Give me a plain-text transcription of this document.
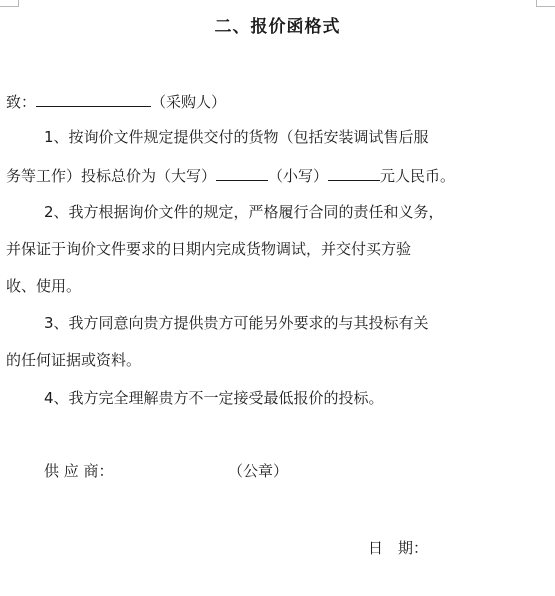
二、报价函格式
致：	（采购人）
1、按询价文件规定提供交付的货物（包括安装调试售后服
务等工作）投标总价为（大写）	（小写）	元人民币。
2、我方根据询价文件的规定，严格履行合同的责任和义务，
并保证于询价文件要求的日期内完成货物调试，并交付买方验
收、使用。
3、我方同意向贵方提供贵方可能另外要求的与其投标有关
的任何证据或资料。
4、我方完全理解贵方不一定接受最低报价的投标。
供 应 商：	（公章）
日　期：
